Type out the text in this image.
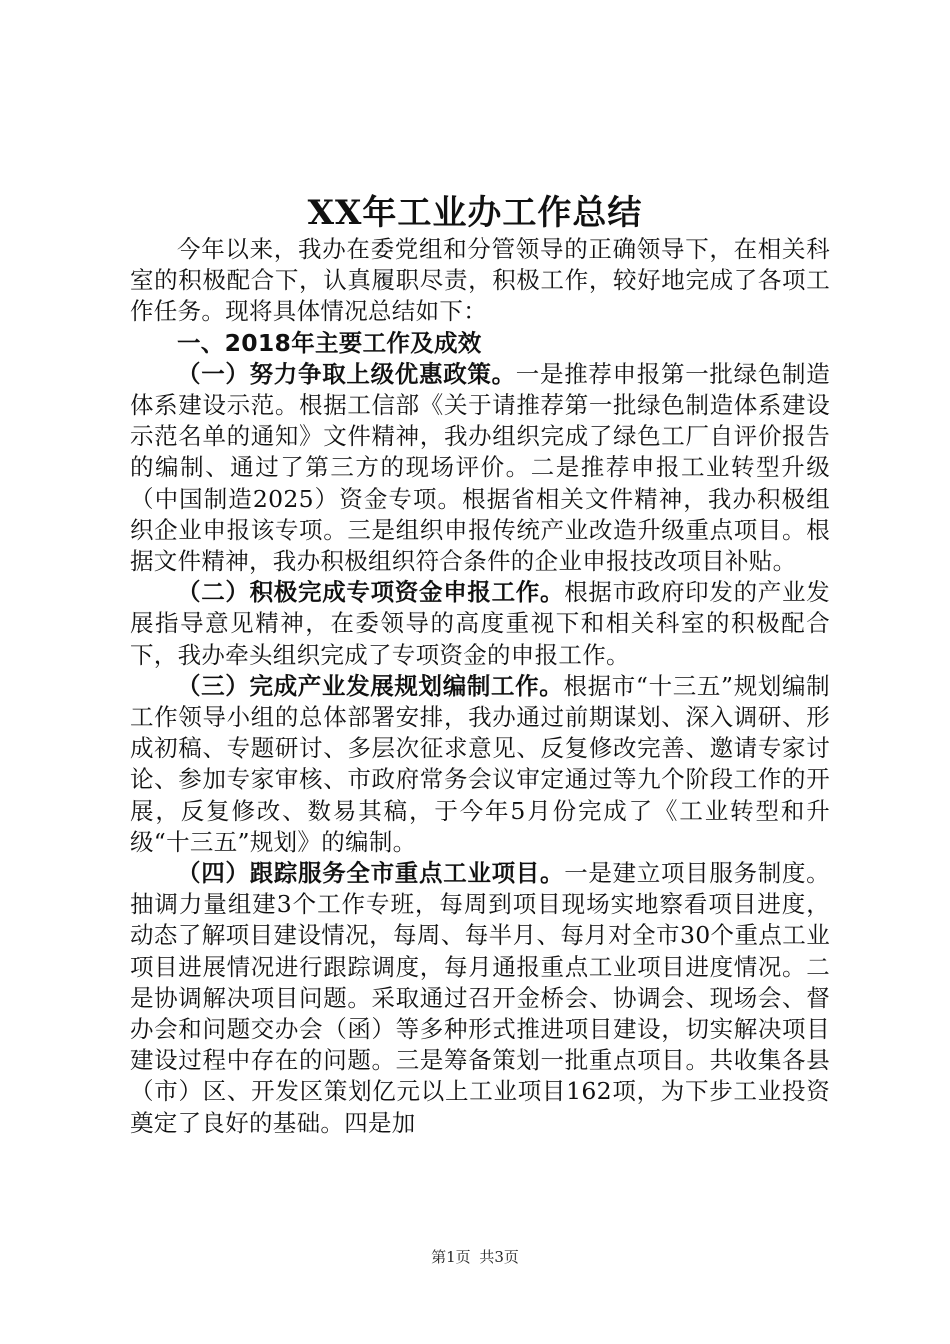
XX年工业办工作总结

今年以来，我办在委党组和分管领导的正确领导下，在相关科室的积极配合下，认真履职尽责，积极工作，较好地完成了各项工作任务。现将具体情况总结如下：

一、2018年主要工作及成效

（一）努力争取上级优惠政策。一是推荐申报第一批绿色制造体系建设示范。根据工信部《关于请推荐第一批绿色制造体系建设示范名单的通知》文件精神，我办组织完成了绿色工厂自评价报告的编制、通过了第三方的现场评价。二是推荐申报工业转型升级（中国制造2025）资金专项。根据省相关文件精神，我办积极组织企业申报该专项。三是组织申报传统产业改造升级重点项目。根据文件精神，我办积极组织符合条件的企业申报技改项目补贴。

（二）积极完成专项资金申报工作。根据市政府印发的产业发展指导意见精神，在委领导的高度重视下和相关科室的积极配合下，我办牵头组织完成了专项资金的申报工作。

（三）完成产业发展规划编制工作。根据市“十三五”规划编制工作领导小组的总体部署安排，我办通过前期谋划、深入调研、形成初稿、专题研讨、多层次征求意见、反复修改完善、邀请专家讨论、参加专家审核、市政府常务会议审定通过等九个阶段工作的开展，反复修改、数易其稿，于今年5月份完成了《工业转型和升级“十三五”规划》的编制。

（四）跟踪服务全市重点工业项目。一是建立项目服务制度。抽调力量组建3个工作专班，每周到项目现场实地察看项目进度，动态了解项目建设情况，每周、每半月、每月对全市30个重点工业项目进展情况进行跟踪调度，每月通报重点工业项目进度情况。二是协调解决项目问题。采取通过召开金桥会、协调会、现场会、督办会和问题交办会（函）等多种形式推进项目建设，切实解决项目建设过程中存在的问题。三是筹备策划一批重点项目。共收集各县（市）区、开发区策划亿元以上工业项目162项，为下步工业投资奠定了良好的基础。四是加

第1页 共3页
